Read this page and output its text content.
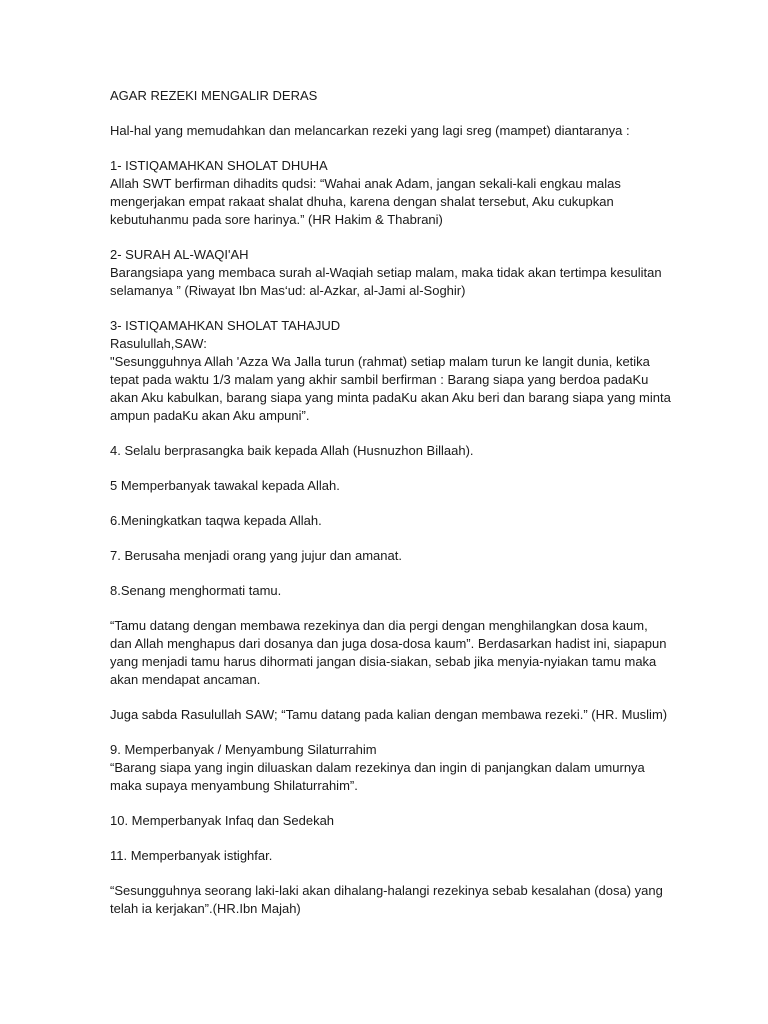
AGAR REZEKI MENGALIR DERAS

Hal-hal yang memudahkan dan melancarkan rezeki yang lagi sreg (mampet) diantaranya :

1- ISTIQAMAHKAN SHOLAT DHUHA
Allah SWT berfirman dihadits qudsi: “Wahai anak Adam, jangan sekali-kali engkau malas
mengerjakan empat rakaat shalat dhuha, karena dengan shalat tersebut, Aku cukupkan
kebutuhanmu pada sore harinya.” (HR Hakim & Thabrani)

2- SURAH AL-WAQI'AH
Barangsiapa yang membaca surah al-Waqiah setiap malam, maka tidak akan tertimpa kesulitan
selamanya ” (Riwayat Ibn Mas‘ud: al-Azkar, al-Jami al-Soghir)

3- ISTIQAMAHKAN SHOLAT TAHAJUD
Rasulullah,SAW:
"Sesungguhnya Allah 'Azza Wa Jalla turun (rahmat) setiap malam turun ke langit dunia, ketika
tepat pada waktu 1/3 malam yang akhir sambil berfirman : Barang siapa yang berdoa padaKu
akan Aku kabulkan, barang siapa yang minta padaKu akan Aku beri dan barang siapa yang minta
ampun padaKu akan Aku ampuni”.

4. Selalu berprasangka baik kepada Allah (Husnuzhon Billaah).

5 Memperbanyak tawakal kepada Allah.

6.Meningkatkan taqwa kepada Allah.

7. Berusaha menjadi orang yang jujur dan amanat.

8.Senang menghormati tamu.

“Tamu datang dengan membawa rezekinya dan dia pergi dengan menghilangkan dosa kaum,
dan Allah menghapus dari dosanya dan juga dosa-dosa kaum”. Berdasarkan hadist ini, siapapun
yang menjadi tamu harus dihormati jangan disia-siakan, sebab jika menyia-nyiakan tamu maka
akan mendapat ancaman.

Juga sabda Rasulullah SAW; “Tamu datang pada kalian dengan membawa rezeki.” (HR. Muslim)

9. Memperbanyak / Menyambung Silaturrahim
“Barang siapa yang ingin diluaskan dalam rezekinya dan ingin di panjangkan dalam umurnya
maka supaya menyambung Shilaturrahim”.

10. Memperbanyak Infaq dan Sedekah

11. Memperbanyak istighfar.

“Sesungguhnya seorang laki-laki akan dihalang-halangi rezekinya sebab kesalahan (dosa) yang
telah ia kerjakan”.(HR.Ibn Majah)
